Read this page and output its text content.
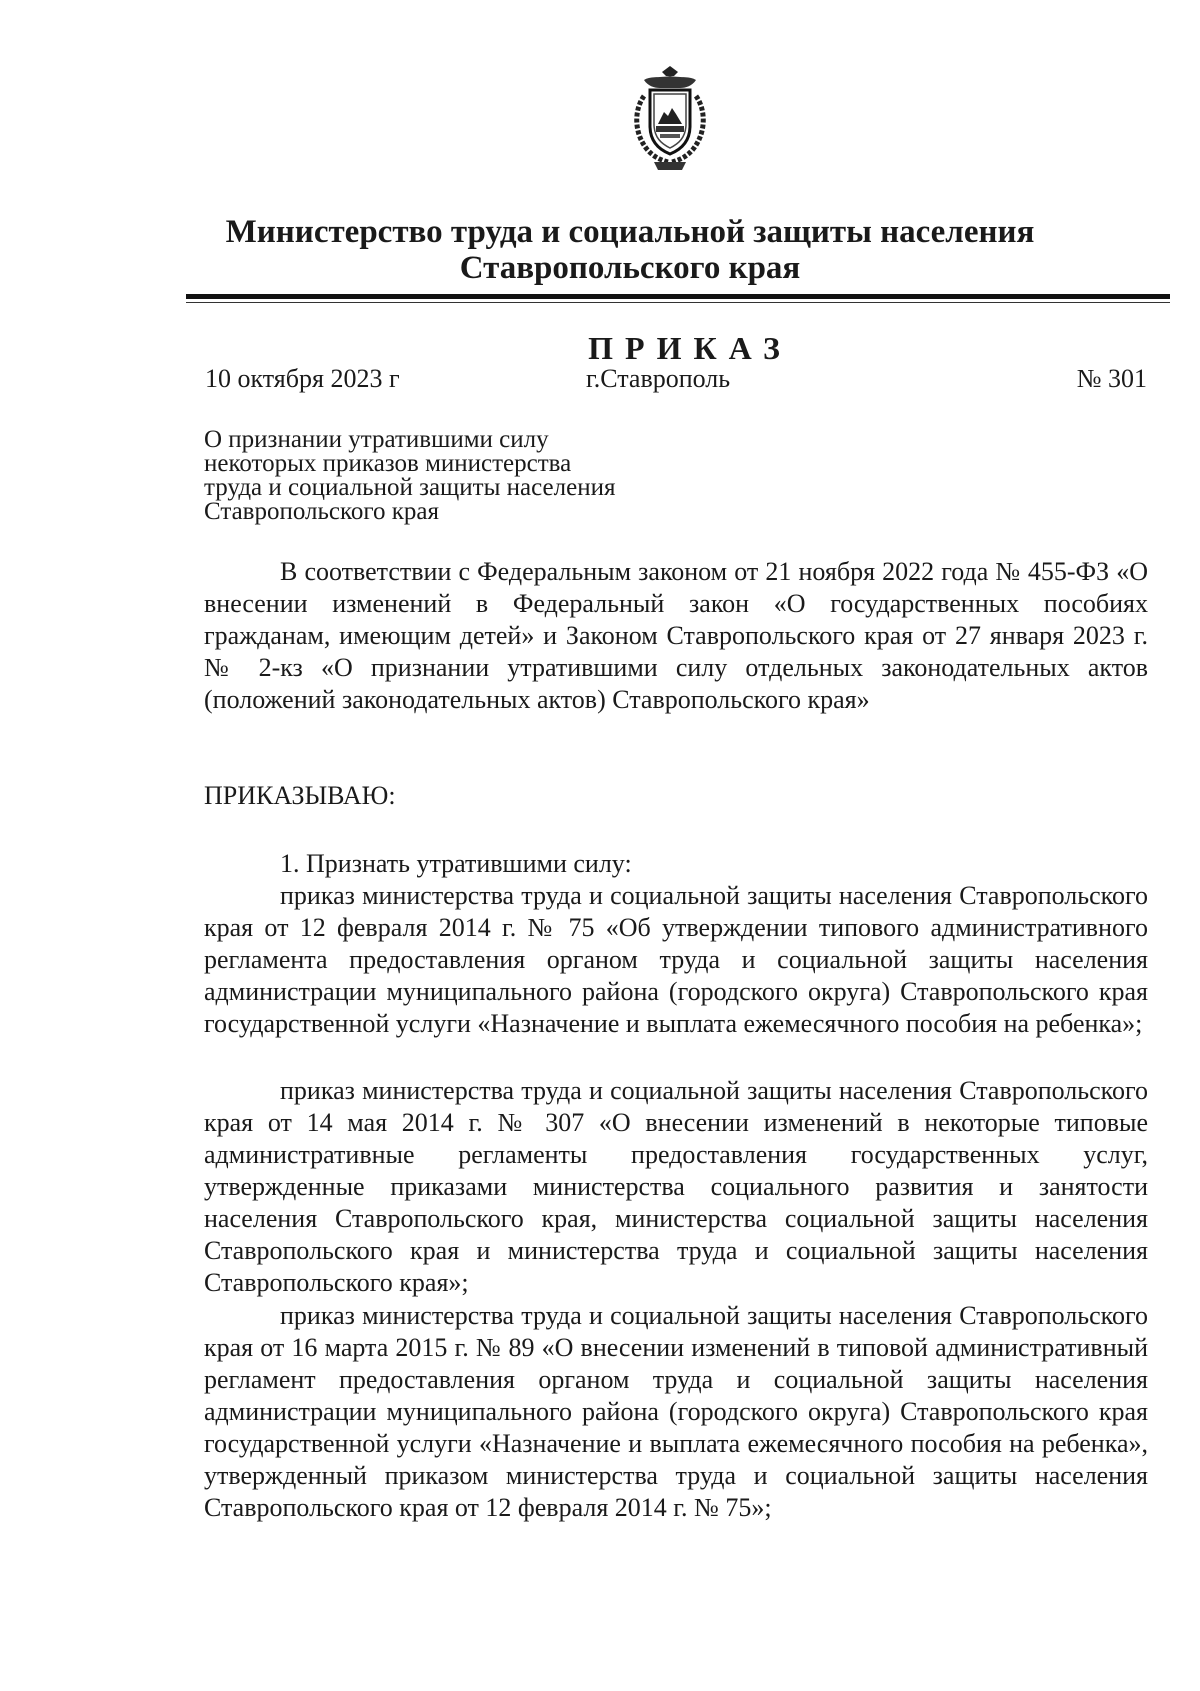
Министерство труда и социальной защиты населения
Ставропольского края
ПРИКАЗ
10 октября 2023 г	г.Ставрополь	№ 301
О признании утратившими силу
некоторых приказов министерства
труда и социальной защиты населения
Ставропольского края

В соответствии с Федеральным законом от 21 ноября 2022 года № 455-ФЗ «О внесении изменений в Федеральный закон «О государственных пособиях гражданам, имеющим детей» и Законом Ставропольского края от 27 января 2023 г. № 2-кз «О признании утратившими силу отдельных законодательных актов (положений законодательных актов) Ставропольского края»

ПРИКАЗЫВАЮ:

1. Признать утратившими силу:

приказ министерства труда и социальной защиты населения Ставропольского края от 12 февраля 2014 г. № 75 «Об утверждении типового административного регламента предоставления органом труда и социальной защиты населения администрации муниципального района (городского округа) Ставропольского края государственной услуги «Назначение и выплата ежемесячного пособия на ребенка»;

приказ министерства труда и социальной защиты населения Ставропольского края от 14 мая 2014 г. № 307 «О внесении изменений в некоторые типовые административные регламенты предоставления государственных услуг, утвержденные приказами министерства социального развития и занятости населения Ставропольского края, министерства социальной защиты населения Ставропольского края и министерства труда и социальной защиты населения Ставропольского края»;

приказ министерства труда и социальной защиты населения Ставропольского края от 16 марта 2015 г. № 89 «О внесении изменений в типовой административный регламент предоставления органом труда и социальной защиты населения администрации муниципального района (городского округа) Ставропольского края государственной услуги «Назначение и выплата ежемесячного пособия на ребенка», утвержденный приказом министерства труда и социальной защиты населения Ставропольского края от 12 февраля 2014 г. № 75»;
